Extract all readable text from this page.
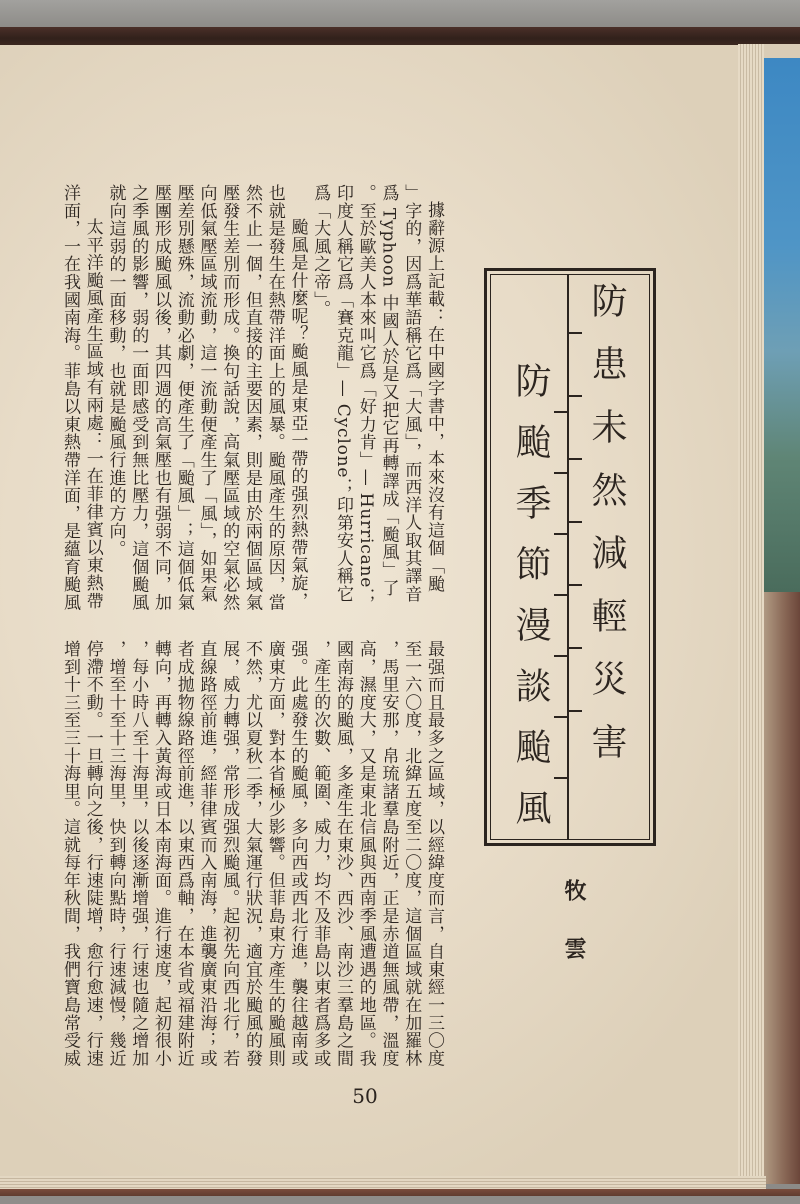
防患未然減輕災害
防颱季節漫談颱風
牧雲
據辭源上記載：在中國字書中，本來沒有這個「颱
」字的，因爲華語稱它爲「大風」，而西洋人取其譯音
爲 Typhoon 中國人於是又把它再轉譯成「颱風」了
。至於歐美人本來叫它爲「好力肯」— Hurricane；
印度人稱它爲「賽克龍」— Cyclone；印第安人稱它
爲「大風之帝」。
颱風是什麼呢？颱風是東亞一帶的强烈熱帶氣旋，
也就是發生在熱帶洋面上的風暴。颱風產生的原因，當
然不止一個，但直接的主要因素，則是由於兩個區域氣
壓發生差別而形成。換句話說，高氣壓區域的空氣必然
向低氣壓區域流動，這一流動便產生了「風」，如果氣
壓差別懸殊，流動必劇，便產生了「颱風」；這個低氣
壓團形成颱風以後，其四週的高氣壓也有强弱不同，加
之季風的影響，弱的一面即感受到無比壓力，這個颱風
就向這弱的一面移動，也就是颱風行進的方向。
太平洋颱風產生區域有兩處：一在菲律賓以東熱帶
洋面，一在我國南海。菲島以東熱帶洋面，是蘊育颱風
最强而且最多之區域，以經緯度而言，自東經一三〇度
至一六〇度，北緯五度至二〇度，這個區域就在加羅林
，馬里安那，帛琉諸羣島附近，正是赤道無風帶，溫度
高，濕度大，又是東北信風與西南季風遭遇的地區。我
國南海的颱風，多產生在東沙、西沙、南沙三羣島之間
，產生的次數、範圍、威力，均不及菲島以東者爲多或
强。此處發生的颱風，多向西或西北行進，襲往越南或
廣東方面，對本省極少影響。但菲島東方產生的颱風則
不然，尤以夏秋二季，大氣運行狀況，適宜於颱風的發
展，威力轉强，常形成强烈颱風。起初先向西北行，若
直線路徑前進，經菲律賓而入南海，進襲廣東沿海；或
者成拋物線路徑前進，以東西爲軸，在本省或福建附近
轉向，再轉入黃海或日本南海面。進行速度，起初很小
，每小時八至十海里，以後逐漸增强，行速也隨之增加
，增至十至十三海里，快到轉向點時，行速減慢，幾近
停滯不動。一旦轉向之後，行速陡增，愈行愈速，行速
增到十三至三十海里。這就每年秋間，我們寶島常受威
50
